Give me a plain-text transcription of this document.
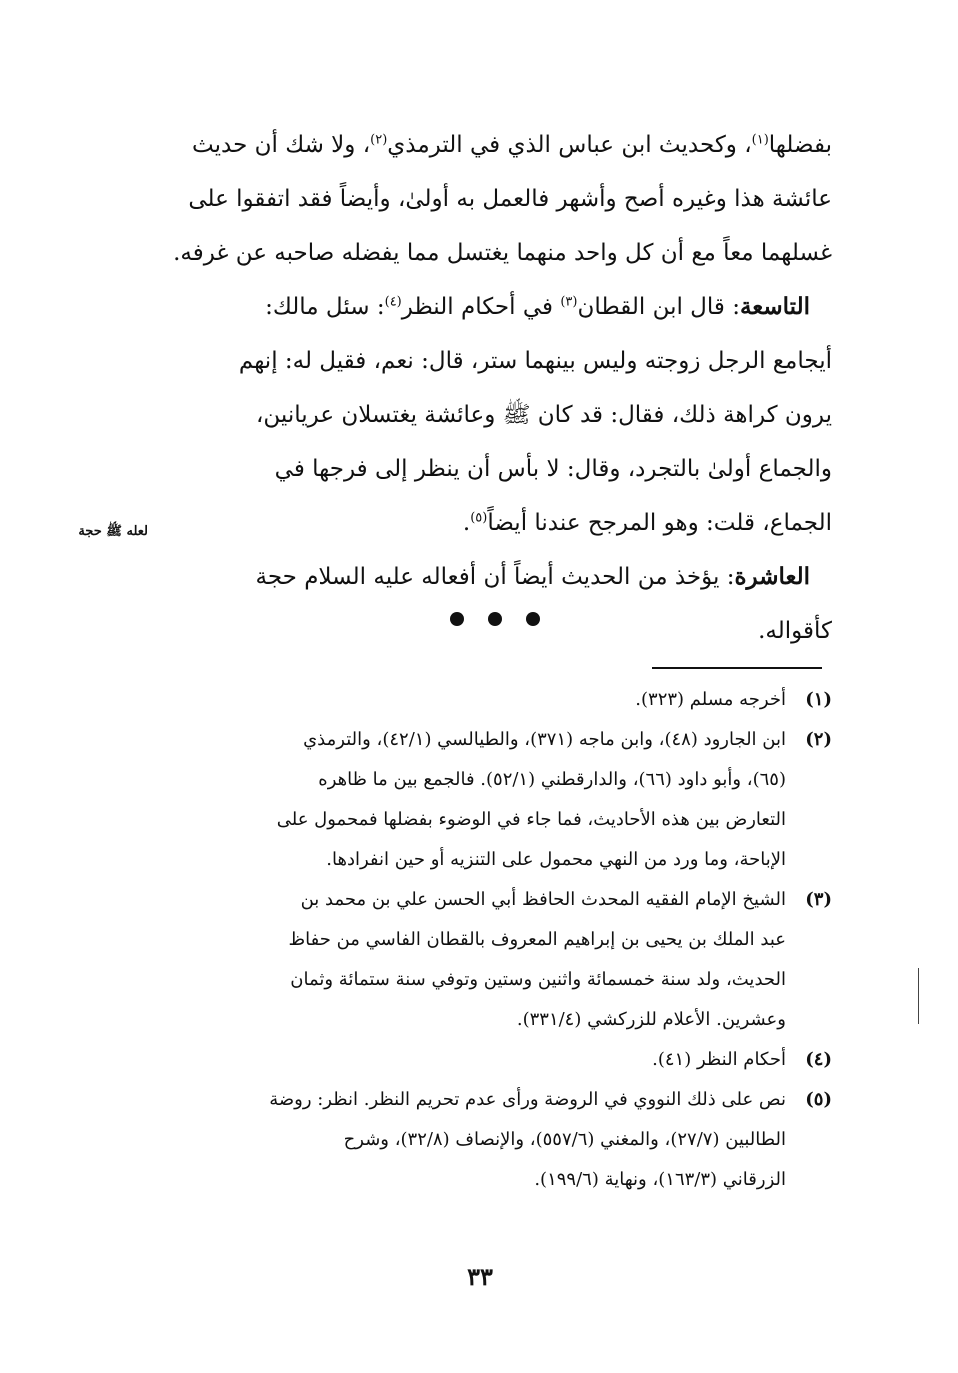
بفضلها$^{(١)}$، وكحديث ابن عباس الذي في الترمذي$^{(٢)}$، ولا شك أن حديث
عائشة هذا وغيره أصح وأشهر فالعمل به أولىٰ، وأيضاً فقد اتفقوا على
غسلهما معاً مع أن كل واحد منهما يغتسل مما يفضله صاحبه عن غرفه.
التاسعة: قال ابن القطان$^{(٣)}$ في أحكام النظر$^{(٤)}$: سئل مالك:
أيجامع الرجل زوجته وليس بينهما ستر، قال: نعم، فقيل له: إنهم
يرون كراهة ذلك، فقال: قد كان ﷺ وعائشة يغتسلان عريانين،
والجماع أولىٰ بالتجرد، وقال: لا بأس أن ينظر إلى فرجها في
الجماع، قلت: وهو المرجح عندنا أيضاً$^{(٥)}$.
العاشرة: يؤخذ من الحديث أيضاً أن أفعاله عليه السلام حجة
كأقواله.
لعله ﷺ حجة
(١)
أخرجه مسلم (٣٢٣).
(٢)
ابن الجارود (٤٨)، وابن ماجه (٣٧١)، والطيالسي (٤٢/١)، والترمذي
(٦٥)، وأبو داود (٦٦)، والدارقطني (٥٢/١). فالجمع بين ما ظاهره
التعارض بين هذه الأحاديث، فما جاء في الوضوء بفضلها فمحمول على
الإباحة، وما ورد من النهي محمول على التنزيه أو حين انفرادها.
(٣)
الشيخ الإمام الفقيه المحدث الحافظ أبي الحسن علي بن محمد بن
عبد الملك بن يحيى بن إبراهيم المعروف بالقطان الفاسي من حفاظ
الحديث، ولد سنة خمسمائة واثنين وستين وتوفي سنة ستمائة وثمان
وعشرين. الأعلام للزركشي (٣٣١/٤).
(٤)
أحكام النظر (٤١).
(٥)
نص على ذلك النووي في الروضة ورأى عدم تحريم النظر. انظر: روضة
الطالبين (٢٧/٧)، والمغني (٥٥٧/٦)، والإنصاف (٣٢/٨)، وشرح
الزرقاني (١٦٣/٣)، ونهاية (١٩٩/٦).
٣٣
